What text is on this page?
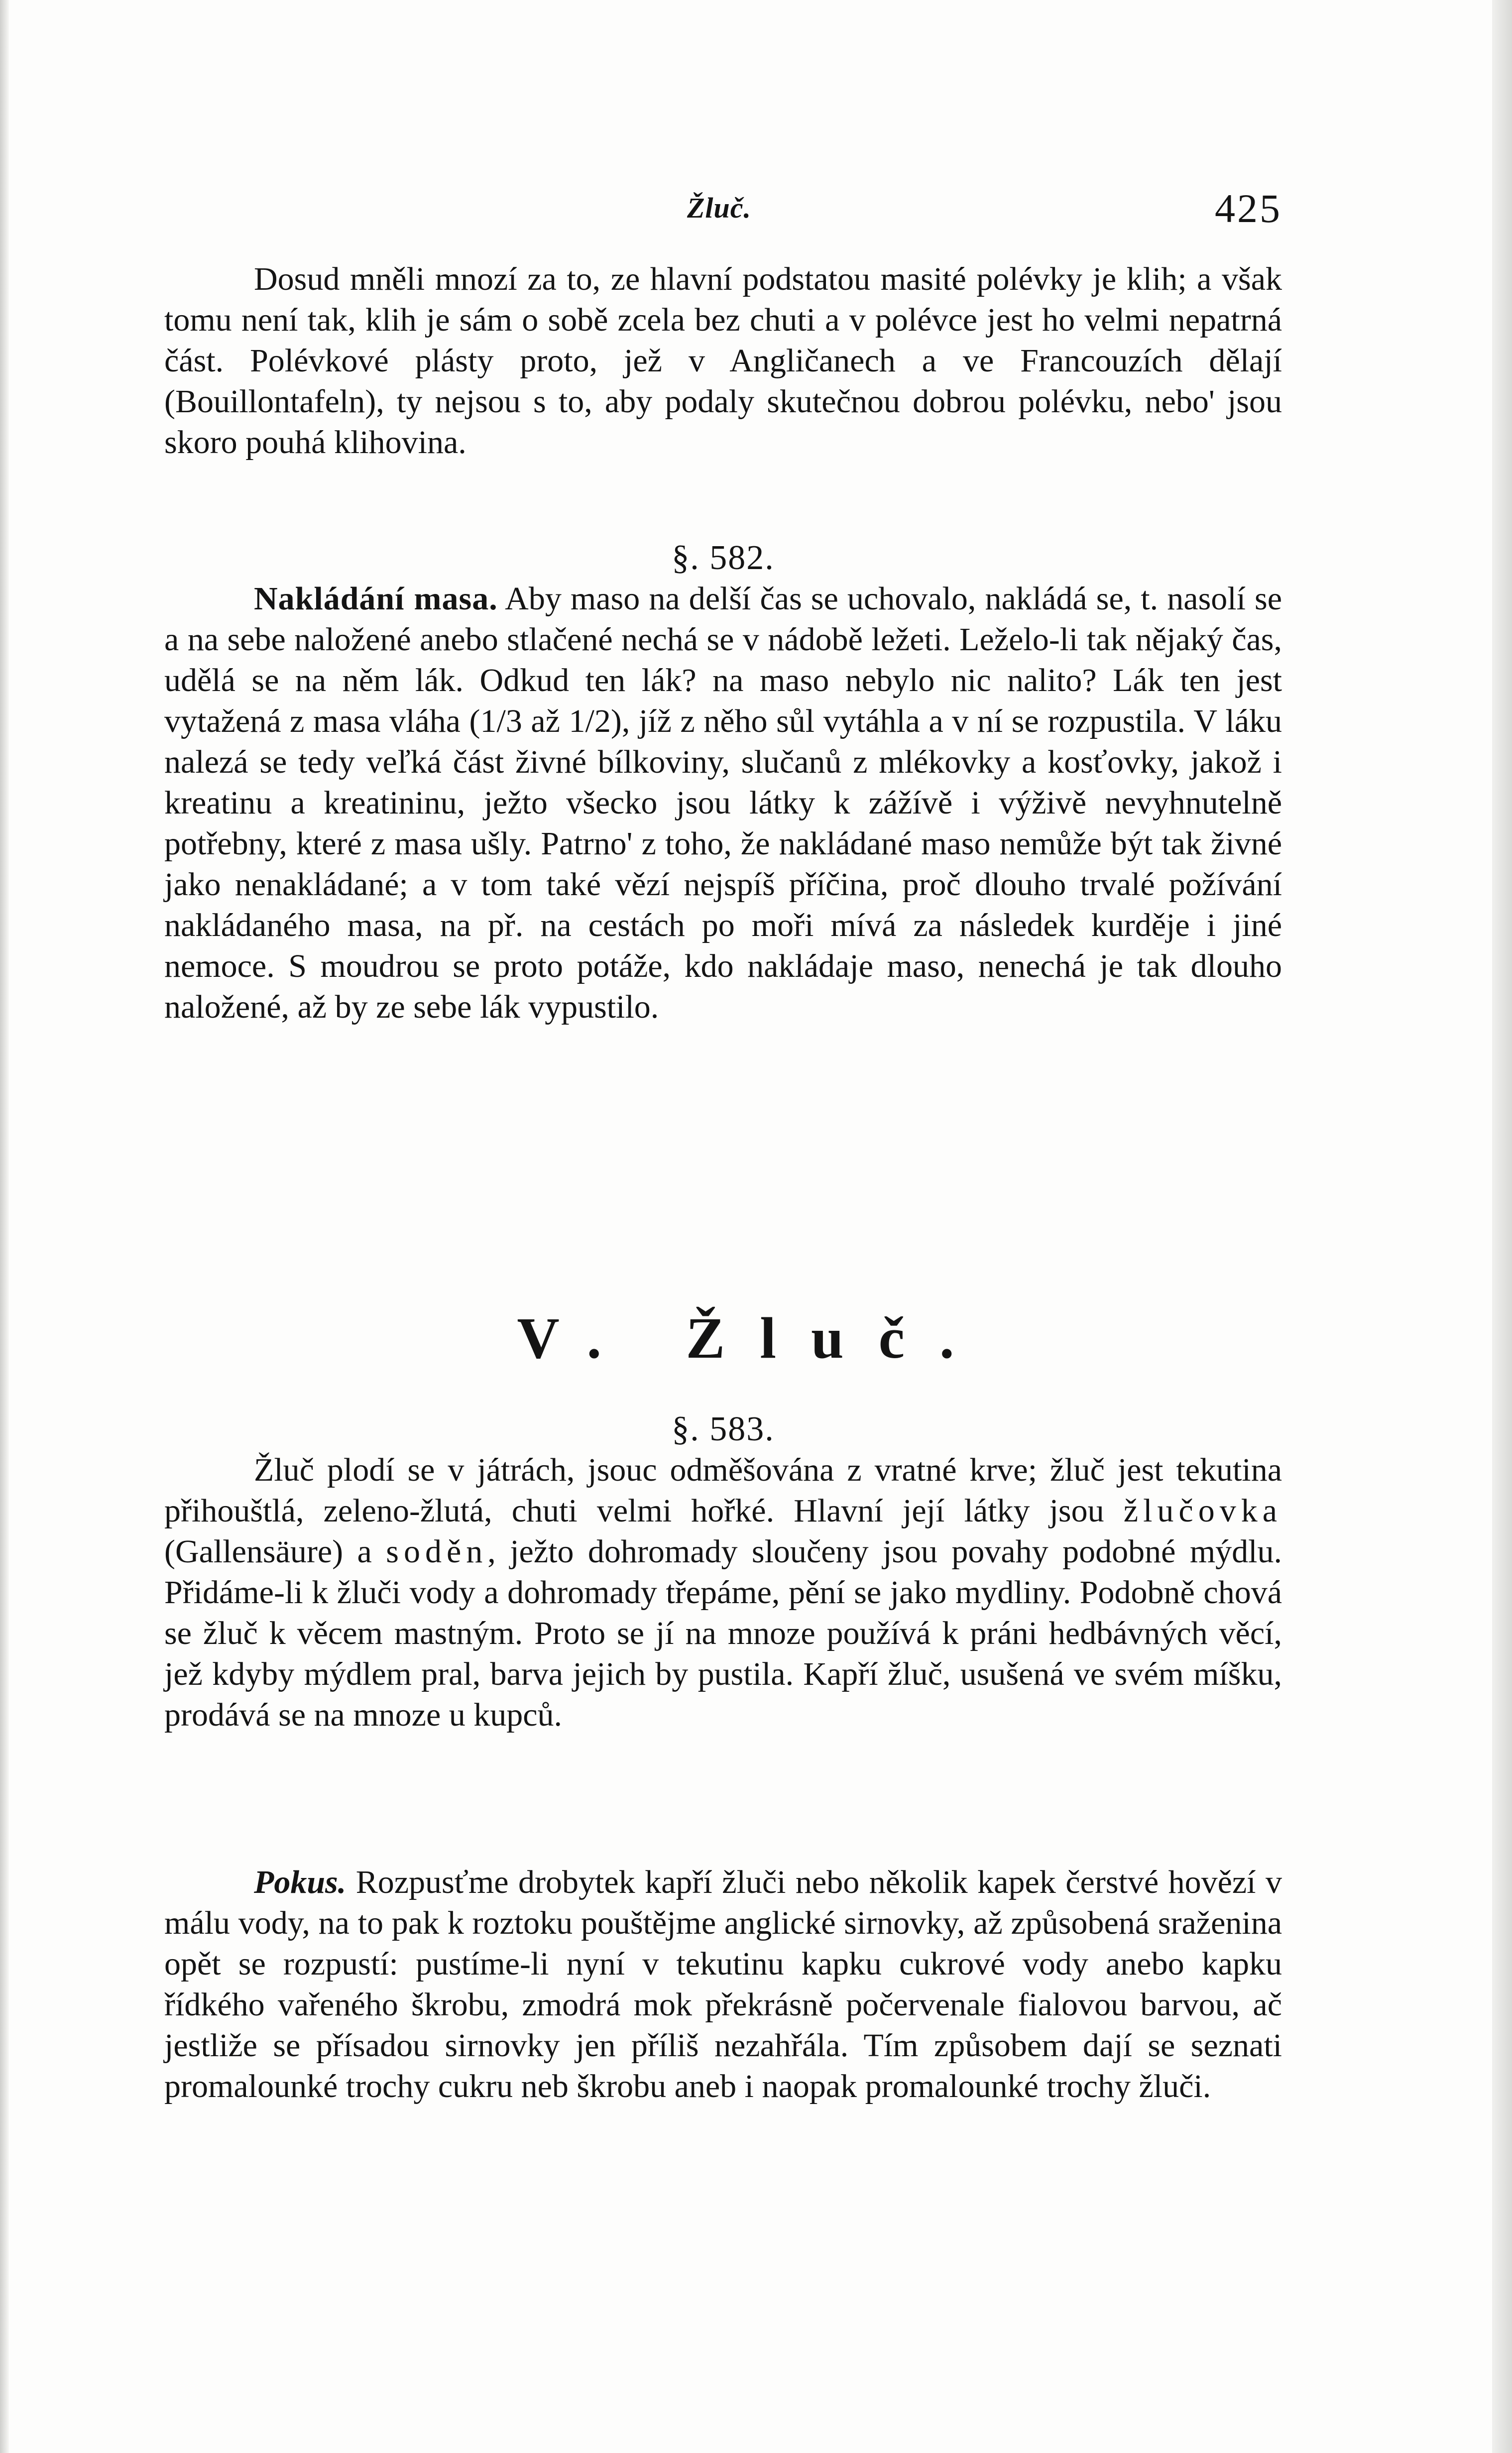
Žluč.	425

Dosud mněli mnozí za to, ze hlavní podstatou masité polévky je klih; a však tomu není tak, klih je sám o sobě zcela bez chuti a v polévce jest ho velmi nepatrná část. Polévkové plásty proto, jež v Angličanech a ve Francouzích dělají (Bouillontafeln), ty nejsou s to, aby podaly skutečnou dobrou polévku, nebo' jsou skoro pouhá klihovina.

§. 582.

Nakládání masa. Aby maso na delší čas se uchovalo, nakládá se, t. nasolí se a na sebe naložené anebo stlačené nechá se v nádobě ležeti. Leželo-li tak nějaký čas, udělá se na něm lák. Odkud ten lák? na maso nebylo nic nalito? Lák ten jest vytažená z masa vláha (1/3 až 1/2), jíž z něho sůl vytáhla a v ní se rozpustila. V láku nalezá se tedy veľká část živné bílkoviny, slučanů z mlékovky a kosťovky, jakož i kreatinu a kreatininu, ježto všecko jsou látky k zážívě i výživě nevyhnutelně potřebny, které z masa ušly. Patrno' z toho, že nakládané maso nemůže být tak živné jako nenakládané; a v tom také vězí nejspíš příčina, proč dlouho trvalé požívání nakládaného masa, na př. na cestách po moři mívá za následek kurděje i jiné nemoce. S moudrou se proto potáže, kdo nakládaje maso, nenechá je tak dlouho naložené, až by ze sebe lák vypustilo.

V. Žluč.

§. 583.

Žluč plodí se v játrách, jsouc odměšována z vratné krve; žluč jest tekutina přihouštlá, zeleno-žlutá, chuti velmi hořké. Hlavní její látky jsou žlučovka (Gallensäure) a soděn, ježto dohromady sloučeny jsou povahy podobné mýdlu. Přidáme-li k žluči vody a dohromady třepáme, pění se jako mydliny. Podobně chová se žluč k věcem mastným. Proto se jí na mnoze používá k práni hedbávných věcí, jež kdyby mýdlem pral, barva jejich by pustila. Kapří žluč, usušená ve svém míšku, prodává se na mnoze u kupců.

Pokus. Rozpusťme drobytek kapří žluči nebo několik kapek čerstvé hovězí v málu vody, na to pak k roztoku pouštějme anglické sirnovky, až způsobená sraženina opět se rozpustí: pustíme-li nyní v tekutinu kapku cukrové vody anebo kapku řídkého vařeného škrobu, zmodrá mok překrásně počervenale fialovou barvou, ač jestliže se přísadou sirnovky jen příliš nezahřála. Tím způsobem dají se seznati promalounké trochy cukru neb škrobu aneb i naopak promalounké trochy žluči.
